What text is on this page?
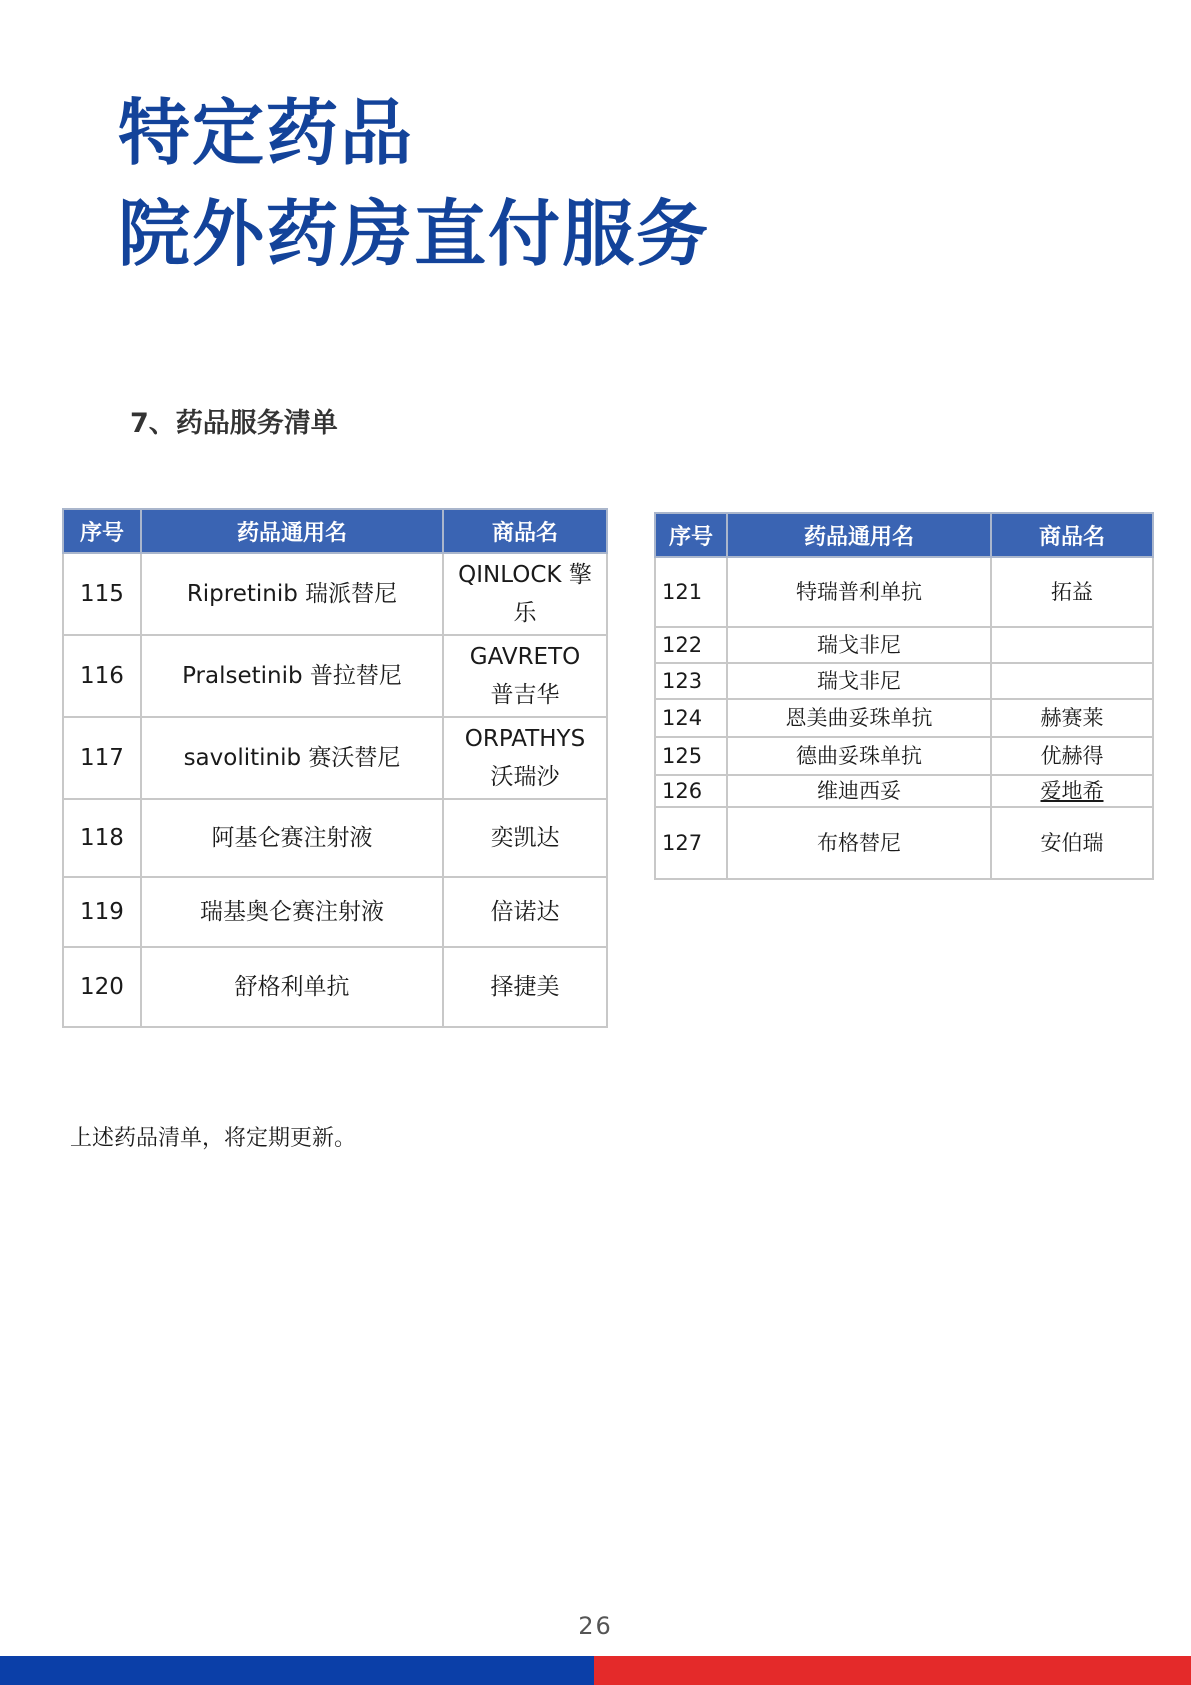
特定药品
院外药房直付服务
7、药品服务清单
序号	药品通用名	商品名
115	Ripretinib 瑞派替尼	QINLOCK 擎
乐

116	Pralsetinib 普拉替尼	GAVRETO
普吉华

117	savolitinib 赛沃替尼	ORPATHYS
沃瑞沙

118	阿基仑赛注射液	奕凯达
119	瑞基奥仑赛注射液	倍诺达
120	舒格利单抗	择捷美
序号	药品通用名	商品名
121	特瑞普利单抗	拓益
122	瑞戈非尼	
123	瑞戈非尼	
124	恩美曲妥珠单抗	赫赛莱
125	德曲妥珠单抗	优赫得
126	维迪西妥	爱地希
127	布格替尼	安伯瑞

上述药品清单，将定期更新。

26
